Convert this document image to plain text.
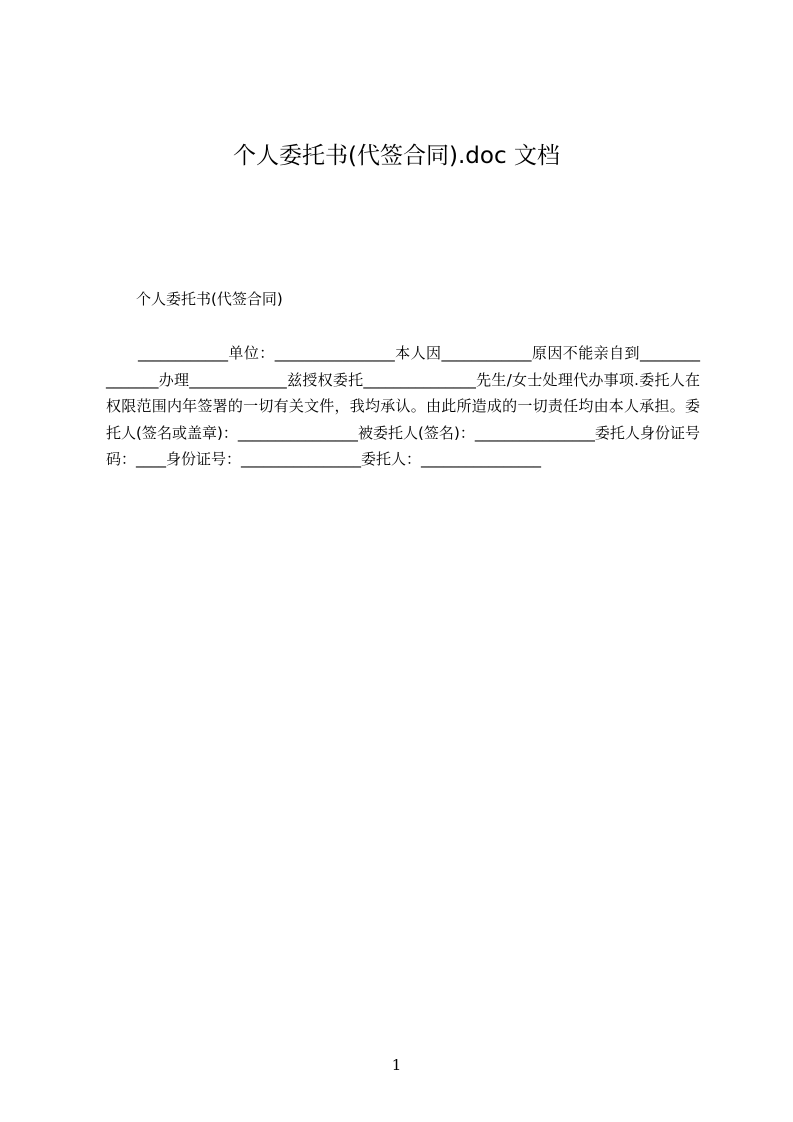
个人委托书(代签合同).doc 文档

个人委托书(代签合同)

____________单位：________________本人因____________原因不能亲自到_______________办理_____________兹授权委托_______________先生/女士处理代办事项.委托人在权限范围内年签署的一切有关文件，我均承认。由此所造成的一切责任均由本人承担。委托人(签名或盖章)：________________被委托人(签名)：________________委托人身份证号码：____身份证号：________________委托人：________________

1
